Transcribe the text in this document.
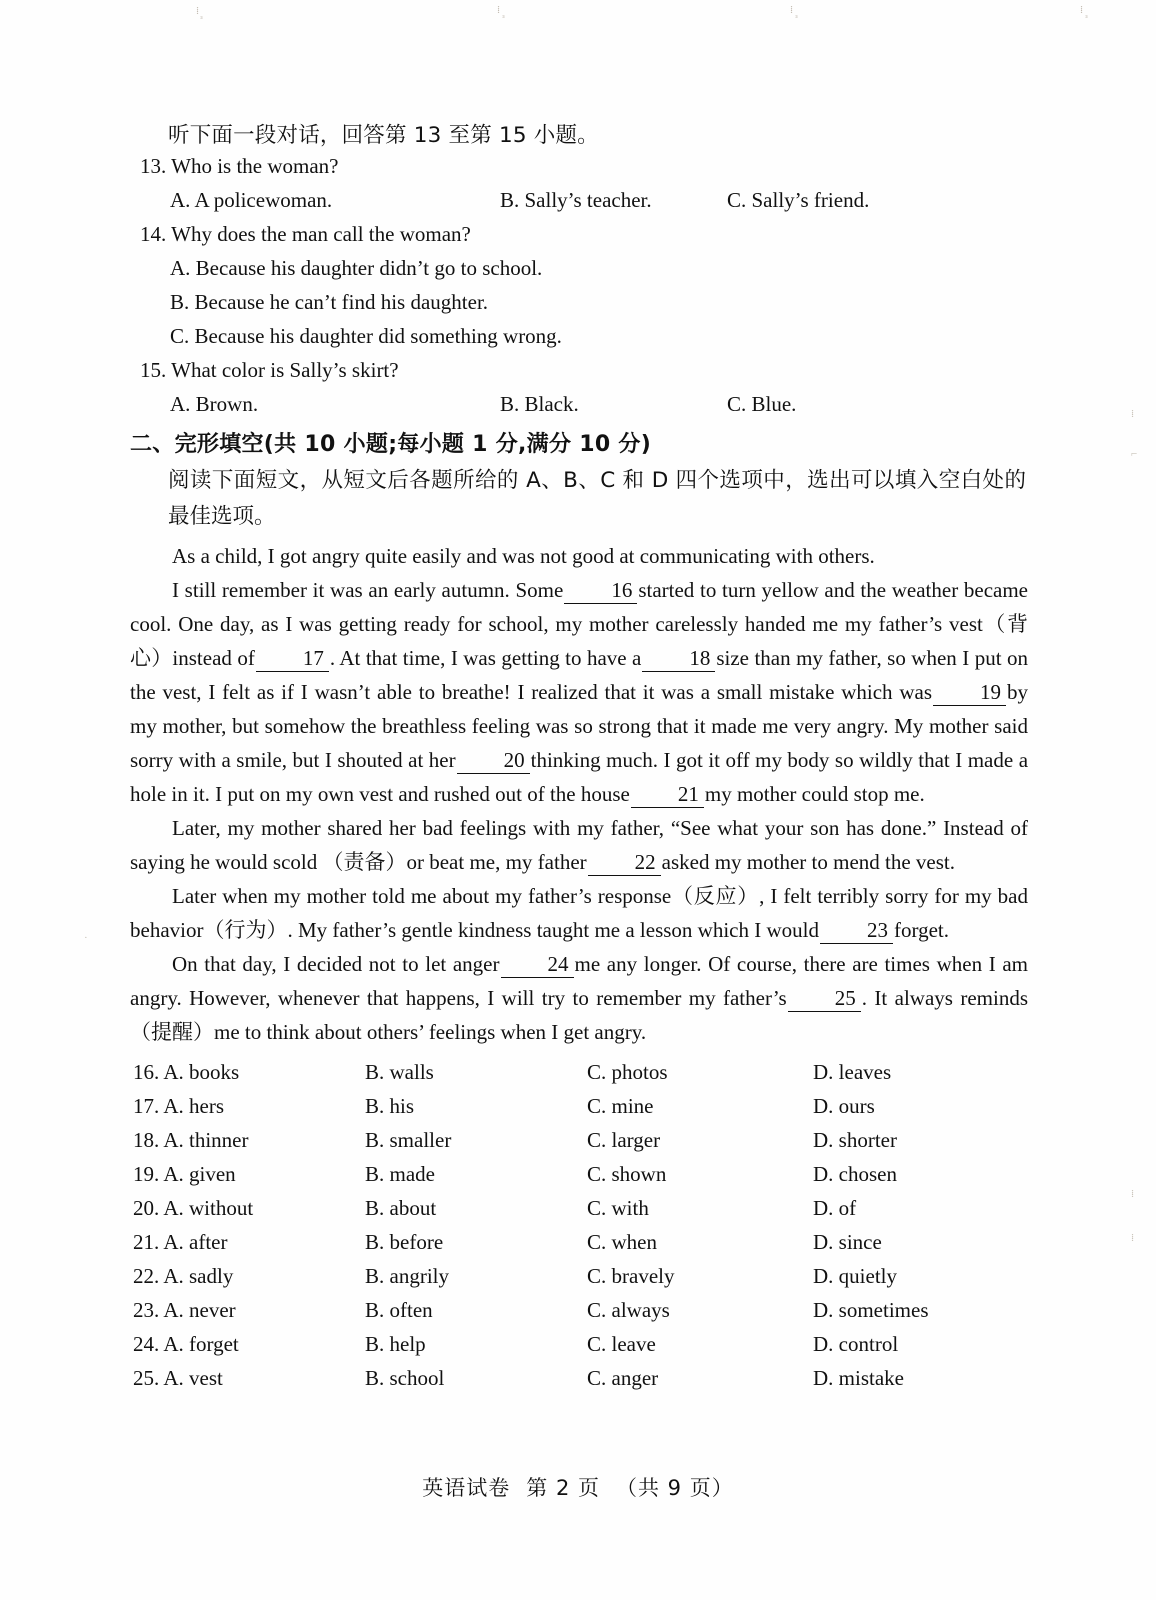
⁞
ᵌ
⁞
ᵌ
⁞
ᵌ
⁞
ᵌ
⁞
⌐
⁞
⁞
·
听下面一段对话，回答第 13 至第 15 小题。
13. Who is the woman?
A. A policewoman.	B. Sally’s teacher.	C. Sally’s friend.
14. Why does the man call the woman?
A. Because his daughter didn’t go to school.
B. Because he can’t find his daughter.
C. Because his daughter did something wrong.
15. What color is Sally’s skirt?
A. Brown.	B. Black.	C. Blue.
二、完形填空(共 10 小题;每小题 1 分,满分 10 分)
阅读下面短文，从短文后各题所给的 A、B、C 和 D 四个选项中，选出可以填入空白处的最佳选项。

As a child, I got angry quite easily and was not good at communicating with others.

I still remember it was an early autumn. Some 16 started to turn yellow and the weather became cool. One day, as I was getting ready for school, my mother carelessly handed me my father’s vest（背心）instead of 17 . At that time, I was getting to have a 18 size than my father, so when I put on the vest, I felt as if I wasn’t able to breathe! I realized that it was a small mistake which was 19 by my mother, but somehow the breathless feeling was so strong that it made me very angry. My mother said sorry with a smile, but I shouted at her 20 thinking much. I got it off my body so wildly that I made a hole in it. I put on my own vest and rushed out of the house 21 my mother could stop me.

Later, my mother shared her bad feelings with my father, “See what your son has done.” Instead of saying he would scold （责备）or beat me, my father 22 asked my mother to mend the vest.

Later when my mother told me about my father’s response（反应）, I felt terribly sorry for my bad behavior（行为）. My father’s gentle kindness taught me a lesson which I would 23 forget.

On that day, I decided not to let anger 24 me any longer. Of course, there are times when I am angry. However, whenever that happens, I will try to remember my father’s 25 . It always reminds（提醒）me to think about others’ feelings when I get angry.

16. A. books	B. walls	C. photos	D. leaves
17. A. hers	B. his	C. mine	D. ours
18. A. thinner	B. smaller	C. larger	D. shorter
19. A. given	B. made	C. shown	D. chosen
20. A. without	B. about	C. with	D. of
21. A. after	B. before	C. when	D. since
22. A. sadly	B. angrily	C. bravely	D. quietly
23. A. never	B. often	C. always	D. sometimes
24. A. forget	B. help	C. leave	D. control
25. A. vest	B. school	C. anger	D. mistake
英语试卷 第 2 页 （共 9 页）
